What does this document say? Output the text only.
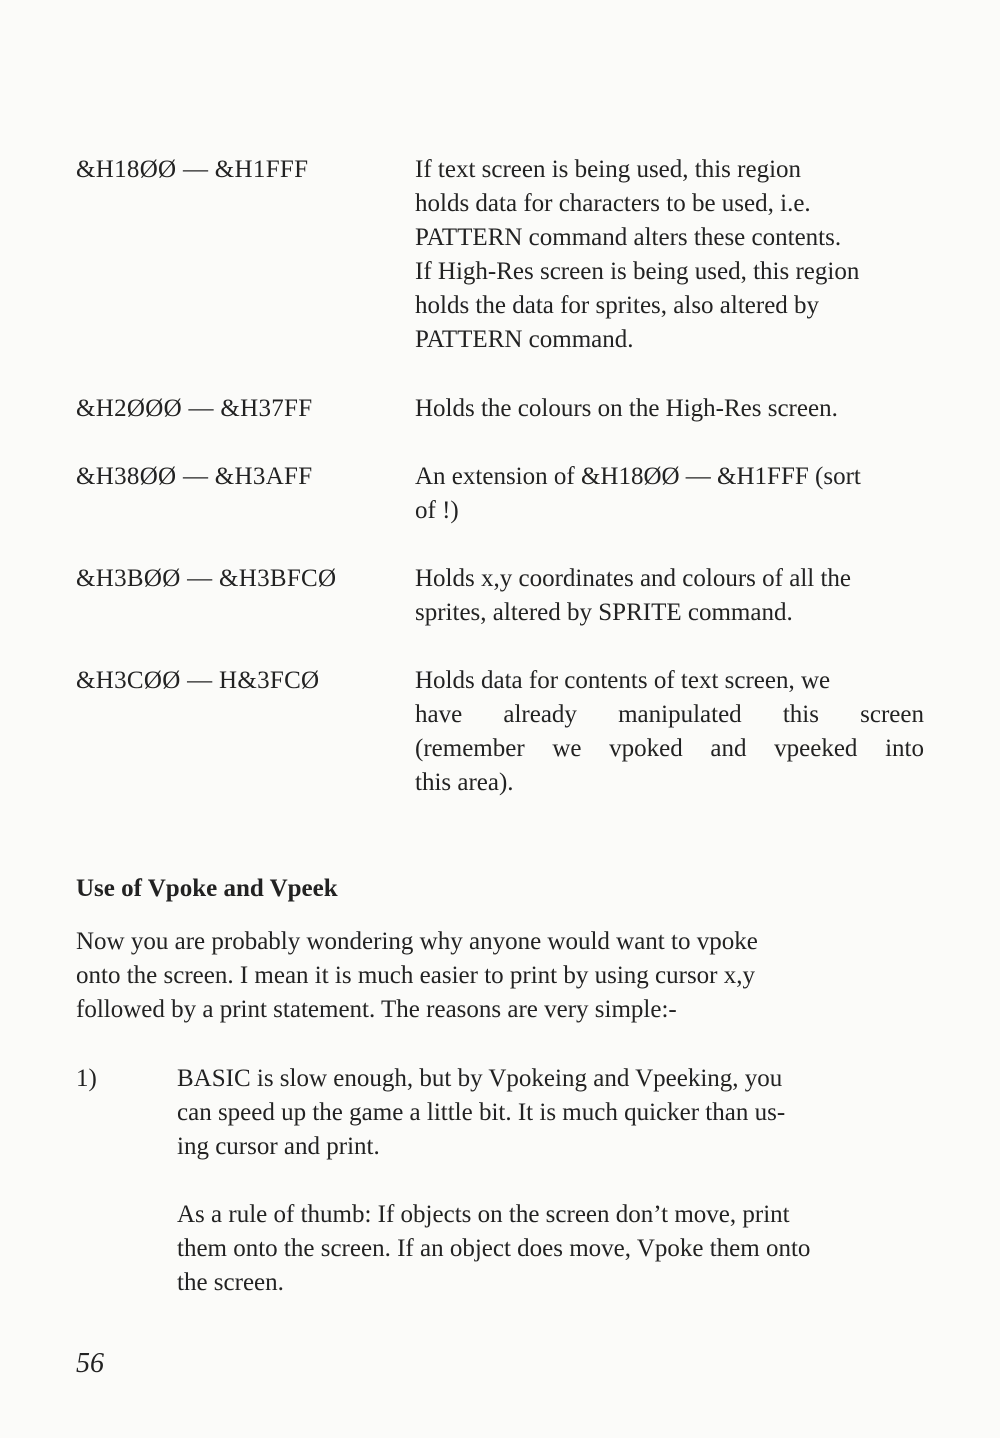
&H18ØØ — &H1FFF	If text screen is being used, this region
holds data for characters to be used, i.e.
PATTERN command alters these contents.
If High-Res screen is being used, this region
holds the data for sprites, also altered by
PATTERN command.
&H2ØØØ — &H37FF	Holds the colours on the High-Res screen.
&H38ØØ — &H3AFF	An extension of &H18ØØ — &H1FFF (sort
of !)
&H3BØØ — &H3BFCØ	Holds x,y coordinates and colours of all the
sprites, altered by SPRITE command.
&H3CØØ — H&3FCØ	Holds data for contents of text screen, we
have already manipulated this screen
(remember we vpoked and vpeeked into
this area).
Use of Vpoke and Vpeek
Now you are probably wondering why anyone would want to vpoke
onto the screen. I mean it is much easier to print by using cursor x,y
followed by a print statement. The reasons are very simple:-
1)	BASIC is slow enough, but by Vpokeing and Vpeeking, you
can speed up the game a little bit. It is much quicker than us-
ing cursor and print.
As a rule of thumb: If objects on the screen don’t move, print
them onto the screen. If an object does move, Vpoke them onto
the screen.
56
